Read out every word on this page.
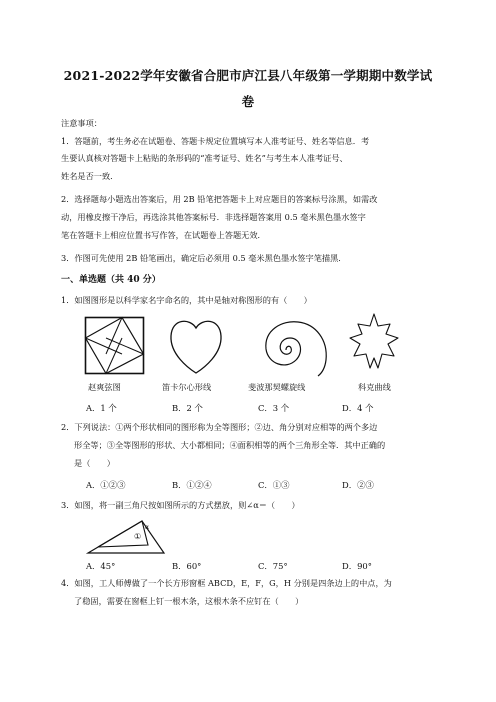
2021-2022学年安徽省合肥市庐江县八年级第一学期期中数学试
卷
注意事项：
1．答题前，考生务必在试题卷、答题卡规定位置填写本人准考证号、姓名等信息．考
生要认真核对答题卡上粘贴的条形码的“准考证号、姓名”与考生本人准考证号、
姓名是否一致．
2．选择题每小题选出答案后，用 2B 铅笔把答题卡上对应题目的答案标号涂黑，如需改
动，用橡皮擦干净后，再选涂其他答案标号．非选择题答案用 0.5 毫米黑色墨水签字
笔在答题卡上相应位置书写作答，在试题卷上答题无效．
3．作图可先使用 2B 铅笔画出，确定后必须用 0.5 毫米黑色墨水签字笔描黑．
一、单选题（共 40 分）
1．如图图形是以科学家名字命名的，其中是轴对称图形的有（　　）
赵爽弦图	笛卡尔心形线	斐波那契螺旋线	科克曲线
A．1 个	B．2 个	C．3 个	D．4 个
2．下列说法：①两个形状相同的图形称为全等图形；②边、角分别对应相等的两个多边
形全等；③全等图形的形状、大小都相同；④面积相等的两个三角形全等．其中正确的
是（　　）
A．①②③	B．①②④	C．①③	D．②③
3．如图，将一副三角尺按如图所示的方式摆放，则∠α＝（　　）
①
α
A．45°	B．60°	C．75°	D．90°
4．如图，工人师傅做了一个长方形窗框 ABCD，E，F，G，H 分别是四条边上的中点，为
了稳固，需要在窗框上钉一根木条，这根木条不应钉在（　　）
